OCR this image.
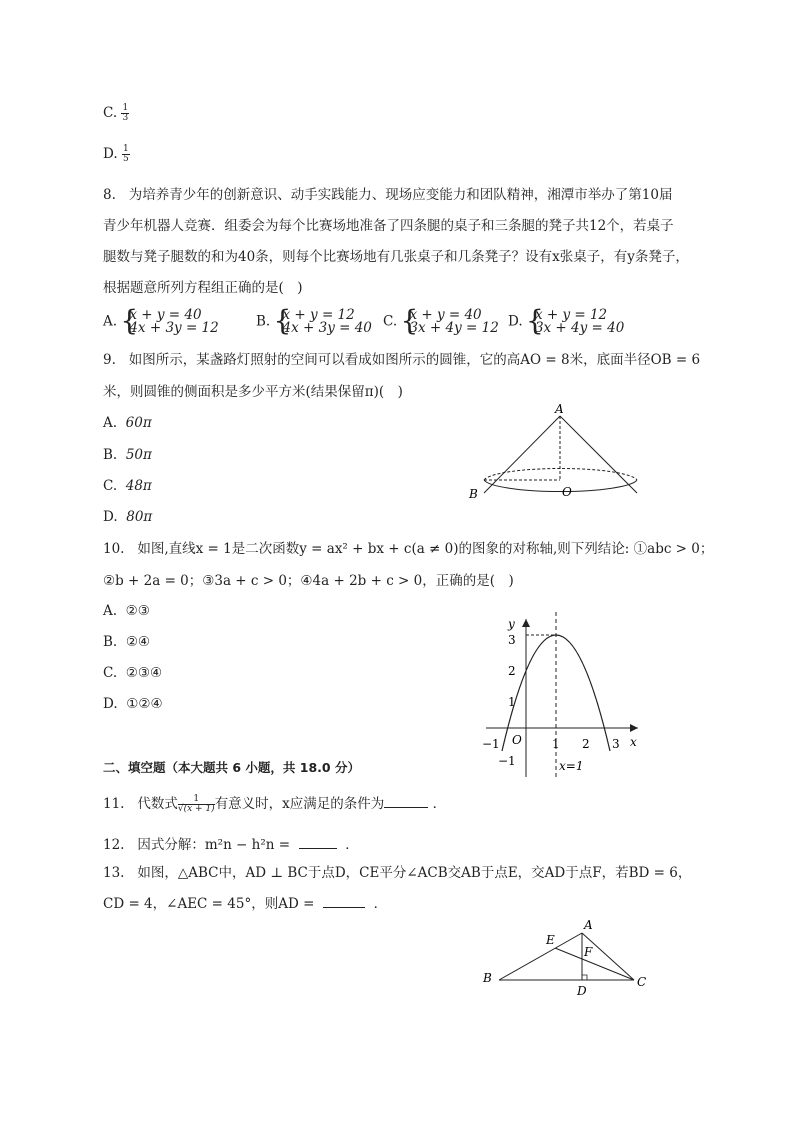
C. $\frac{1}{3}$
D. $\frac{1}{5}$
8. 为培养青少年的创新意识、动手实践能力、现场应变能力和团队精神，湘潭市举办了第10届
青少年机器人竞赛．组委会为每个比赛场地准备了四条腿的桌子和三条腿的凳子共12个，若桌子
腿数与凳子腿数的和为40条，则每个比赛场地有几张桌子和几条凳子？设有x张桌子，有y条凳子，
根据题意所列方程组正确的是(　)
A. { x + y = 40
4x + 3y = 12	B. { x + y = 12
4x + 3y = 40 C. { x + y = 40
3x + 4y = 12 D. { x + y = 12
3x + 4y = 40
9. 如图所示，某盏路灯照射的空间可以看成如图所示的圆锥，它的高AO = 8米，底面半径OB = 6
米，则圆锥的侧面积是多少平方米(结果保留π)(　)
A. 60π
B. 50π
C. 48π
D. 80π
A
B	O
10. 如图,直线x = 1是二次函数y = ax² + bx + c(a ≠ 0)的图象的对称轴,则下列结论: ①abc > 0；
②b + 2a = 0；③3a + c > 0；④4a + 2b + c > 0，正确的是(　)
A. ②③
B. ②④
C. ②③④
D. ①②④
y
x
O
3
2
1
−1
−1	1 2 3
x=1
二、填空题（本大题共 6 小题，共 18.0 分）
11. 代数式 $\frac{1}{√(x + 1)}$ 有意义时，x应满足的条件为	．
12. 因式分解：m²n − h²n =	．
13. 如图，△ABC中，AD ⊥ BC于点D，CE平分∠ACB交AB于点E，交AD于点F，若BD = 6，
CD = 4，∠AEC = 45°，则AD =	．
A
B	C
D
E
F
